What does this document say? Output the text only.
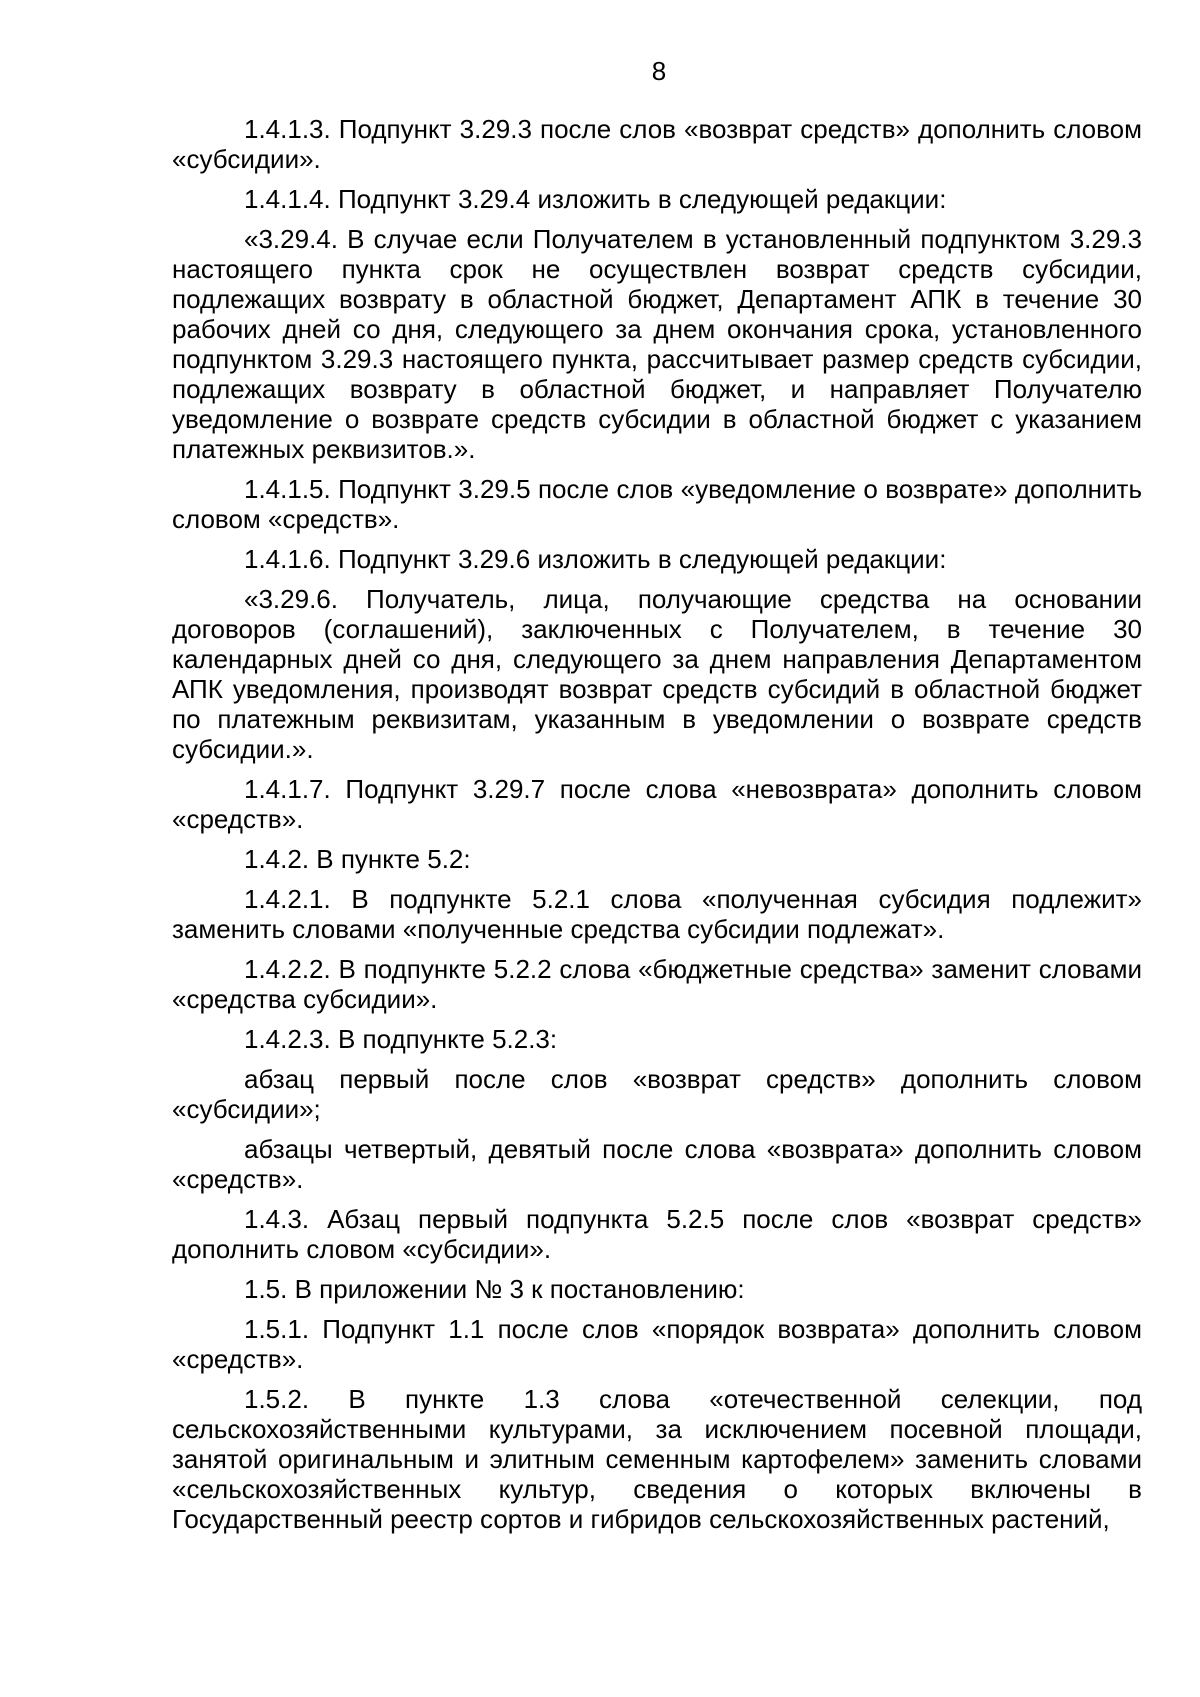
8

1.4.1.3. Подпункт 3.29.3 после слов «возврат средств» дополнить словом «субсидии».

1.4.1.4. Подпункт 3.29.4 изложить в следующей редакции:

«3.29.4. В случае если Получателем в установленный подпунктом 3.29.3 настоящего пункта срок не осуществлен возврат средств субсидии, подлежащих возврату в областной бюджет, Департамент АПК в течение 30 рабочих дней со дня, следующего за днем окончания срока, установленного подпунктом 3.29.3 настоящего пункта, рассчитывает размер средств субсидии, подлежащих возврату в областной бюджет, и направляет Получателю уведомление о возврате средств субсидии в областной бюджет с указанием платежных реквизитов.».

1.4.1.5. Подпункт 3.29.5 после слов «уведомление о возврате» дополнить словом «средств».

1.4.1.6. Подпункт 3.29.6 изложить в следующей редакции:

«3.29.6. Получатель, лица, получающие средства на основании договоров (соглашений), заключенных с Получателем, в течение 30 календарных дней со дня, следующего за днем направления Департаментом АПК уведомления, производят возврат средств субсидий в областной бюджет по платежным реквизитам, указанным в уведомлении о возврате средств субсидии.».

1.4.1.7. Подпункт 3.29.7 после слова «невозврата» дополнить словом «средств».

1.4.2. В пункте 5.2:

1.4.2.1. В подпункте 5.2.1 слова «полученная субсидия подлежит» заменить словами «полученные средства субсидии подлежат».

1.4.2.2. В подпункте 5.2.2 слова «бюджетные средства» заменит словами «средства субсидии».

1.4.2.3. В подпункте 5.2.3:

абзац первый после слов «возврат средств» дополнить словом «субсидии»;

абзацы четвертый, девятый после слова «возврата» дополнить словом «средств».

1.4.3. Абзац первый подпункта 5.2.5 после слов «возврат средств» дополнить словом «субсидии».

1.5. В приложении № 3 к постановлению:

1.5.1. Подпункт 1.1 после слов «порядок возврата» дополнить словом «средств».

1.5.2. В пункте 1.3 слова «отечественной селекции, под сельскохозяйственными культурами, за исключением посевной площади, занятой оригинальным и элитным семенным картофелем» заменить словами «сельскохозяйственных культур, сведения о которых включены в Государственный реестр сортов и гибридов сельскохозяйственных растений,
